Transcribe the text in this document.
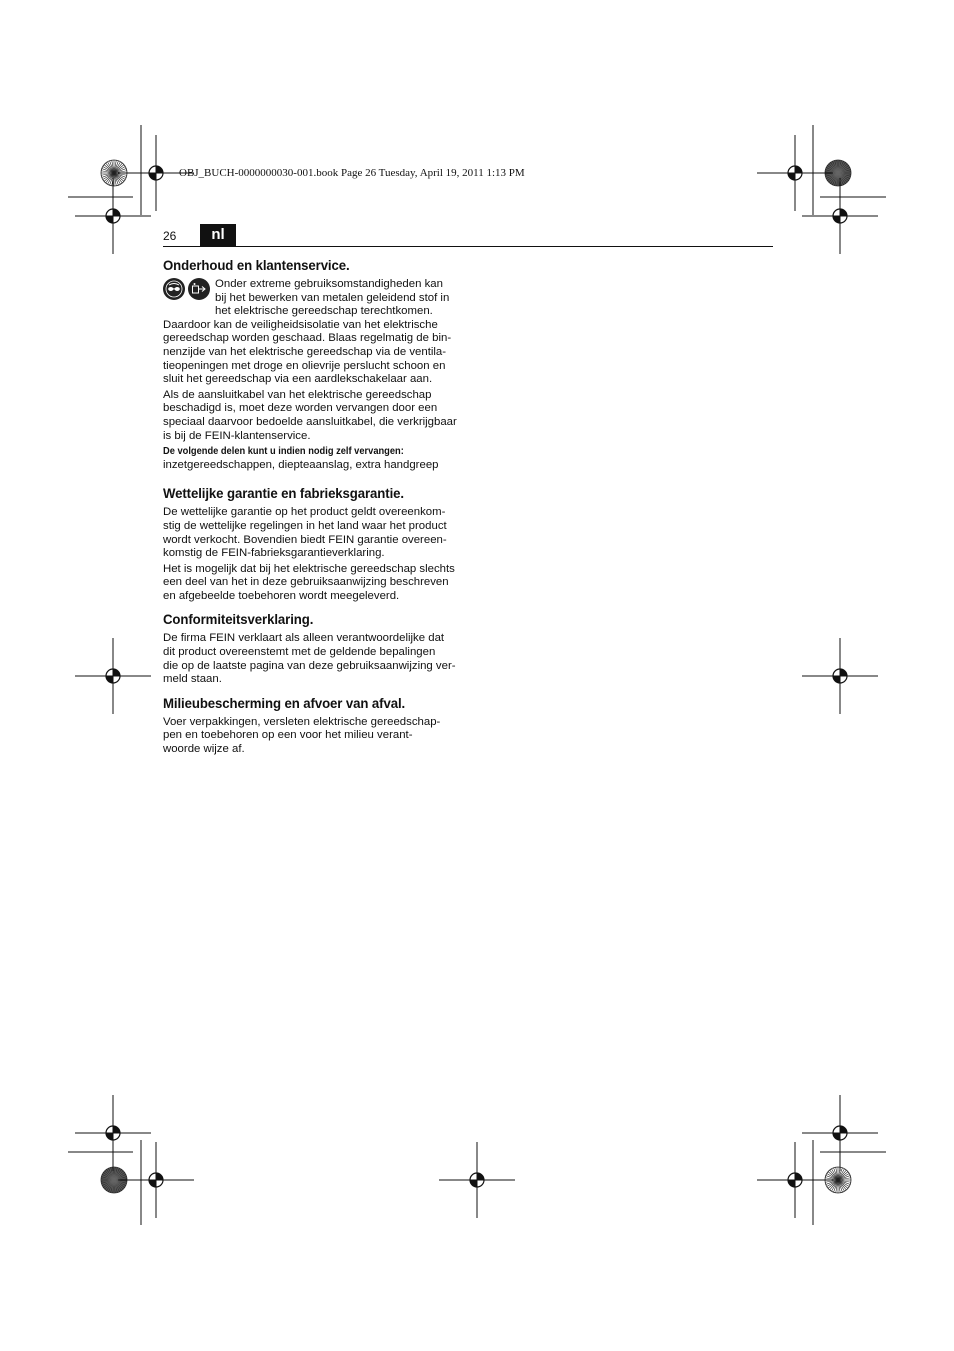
OBJ_BUCH-0000000030-001.book Page 26 Tuesday, April 19, 2011 1:13 PM
26	nl
Onderhoud en klantenservice.
Onder extreme gebruiksomstandigheden kan
bij het bewerken van metalen geleidend stof in
het elektrische gereedschap terechtkomen.

Daardoor kan de veiligheidsisolatie van het elektrische
gereedschap worden geschaad. Blaas regelmatig de bin-
nenzijde van het elektrische gereedschap via de ventila-
tieopeningen met droge en olievrije perslucht schoon en
sluit het gereedschap via een aardlekschakelaar aan.

Als de aansluitkabel van het elektrische gereedschap
beschadigd is, moet deze worden vervangen door een
speciaal daarvoor bedoelde aansluitkabel, die verkrijgbaar
is bij de FEIN-klantenservice.

De volgende delen kunt u indien nodig zelf vervangen:
inzetgereedschappen, diepteaanslag, extra handgreep
Wettelijke garantie en fabrieksgarantie.

De wettelijke garantie op het product geldt overeenkom-
stig de wettelijke regelingen in het land waar het product
wordt verkocht. Bovendien biedt FEIN garantie overeen-
komstig de FEIN-fabrieksgarantieverklaring.

Het is mogelijk dat bij het elektrische gereedschap slechts
een deel van het in deze gebruiksaanwijzing beschreven
en afgebeelde toebehoren wordt meegeleverd.

Conformiteitsverklaring.

De firma FEIN verklaart als alleen verantwoordelijke dat
dit product overeenstemt met de geldende bepalingen
die op de laatste pagina van deze gebruiksaanwijzing ver-
meld staan.

Milieubescherming en afvoer van afval.

Voer verpakkingen, versleten elektrische gereedschap-
pen en toebehoren op een voor het milieu verant-
woorde wijze af.
